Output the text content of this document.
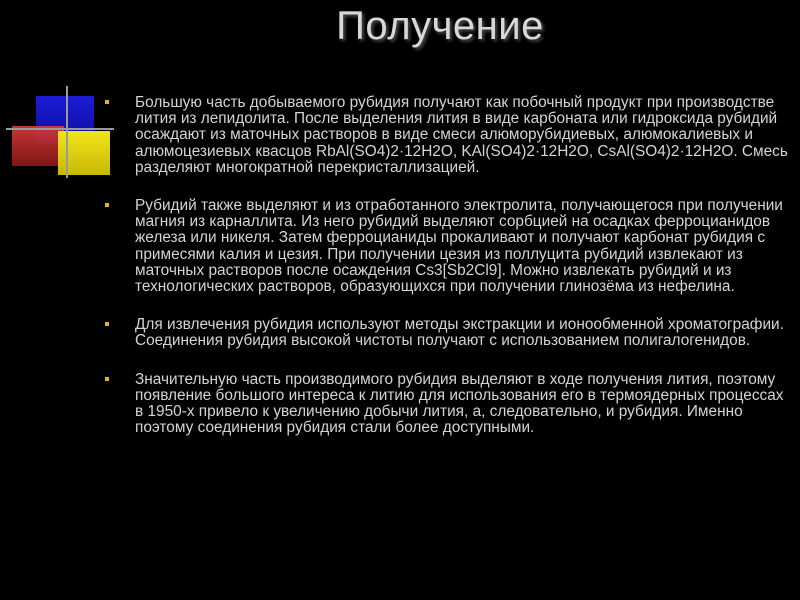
Получение

Большую часть добываемого рубидия получают как побочный продукт при производстве лития из лепидолита. После выделения лития в виде карбоната или гидроксида рубидий осаждают из маточных растворов в виде смеси алюморубидиевых, алюмокалиевых и алюмоцезиевых квасцов RbAl(SO4)2·12H2O, KAl(SO4)2·12H2O, CsAl(SO4)2·12H2O. Смесь разделяют многократной перекристаллизацией.

Рубидий также выделяют и из отработанного электролита, получающегося при получении магния из карналлита. Из него рубидий выделяют сорбцией на осадках ферроцианидов железа или никеля. Затем ферроцианиды прокаливают и получают карбонат рубидия с примесями калия и цезия. При получении цезия из поллуцита рубидий извлекают из маточных растворов после осаждения Cs3[Sb2Cl9]. Можно извлекать рубидий и из технологических растворов, образующихся при получении глинозёма из нефелина.

Для извлечения рубидия используют методы экстракции и ионообменной хроматографии. Соединения рубидия высокой чистоты получают с использованием полигалогенидов.

Значительную часть производимого рубидия выделяют в ходе получения лития, поэтому появление большого интереса к литию для использования его в термоядерных процессах в 1950-х привело к увеличению добычи лития, а, следовательно, и рубидия. Именно поэтому соединения рубидия стали более доступными.
